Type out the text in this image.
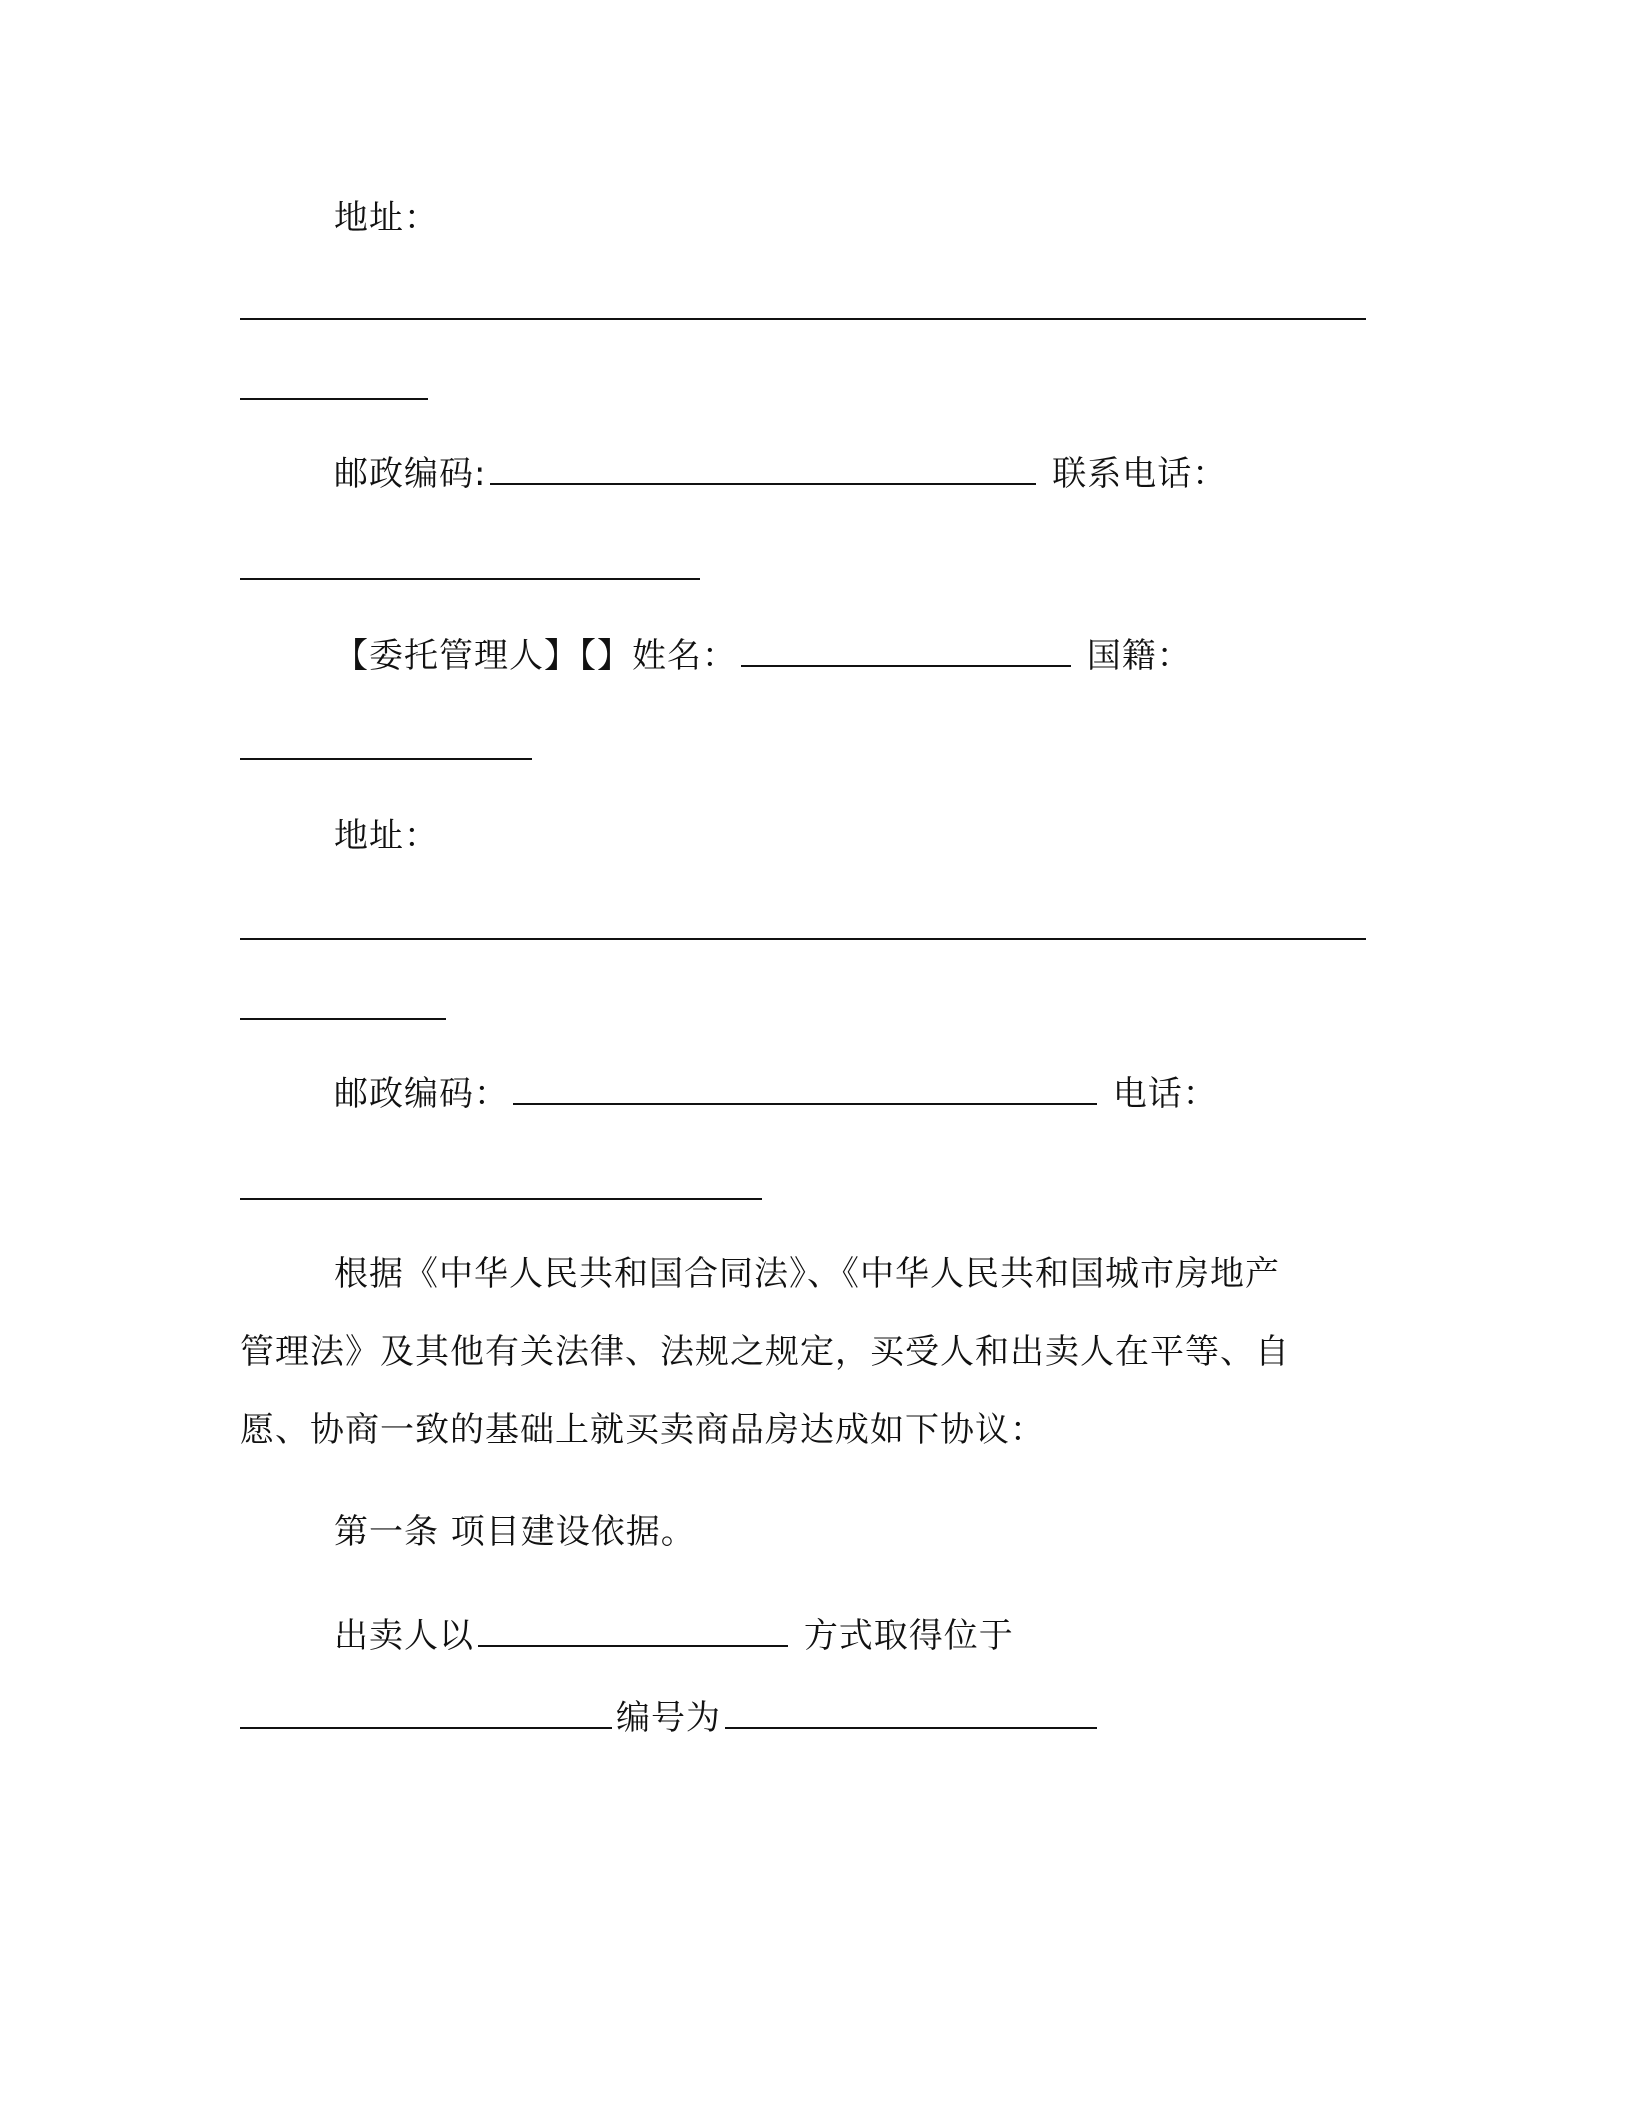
地址：
邮政编码:	联系电话：
【委托管理人】【】姓名：	国籍：
地址：
邮政编码：	电话：
根据《中华人民共和国合同法》、《中华人民共和国城市房地产
管理法》及其他有关法律、法规之规定，买受人和出卖人在平等、自
愿、协商一致的基础上就买卖商品房达成如下协议：
第一条 项目建设依据。
出卖人以	方式取得位于
编号为
